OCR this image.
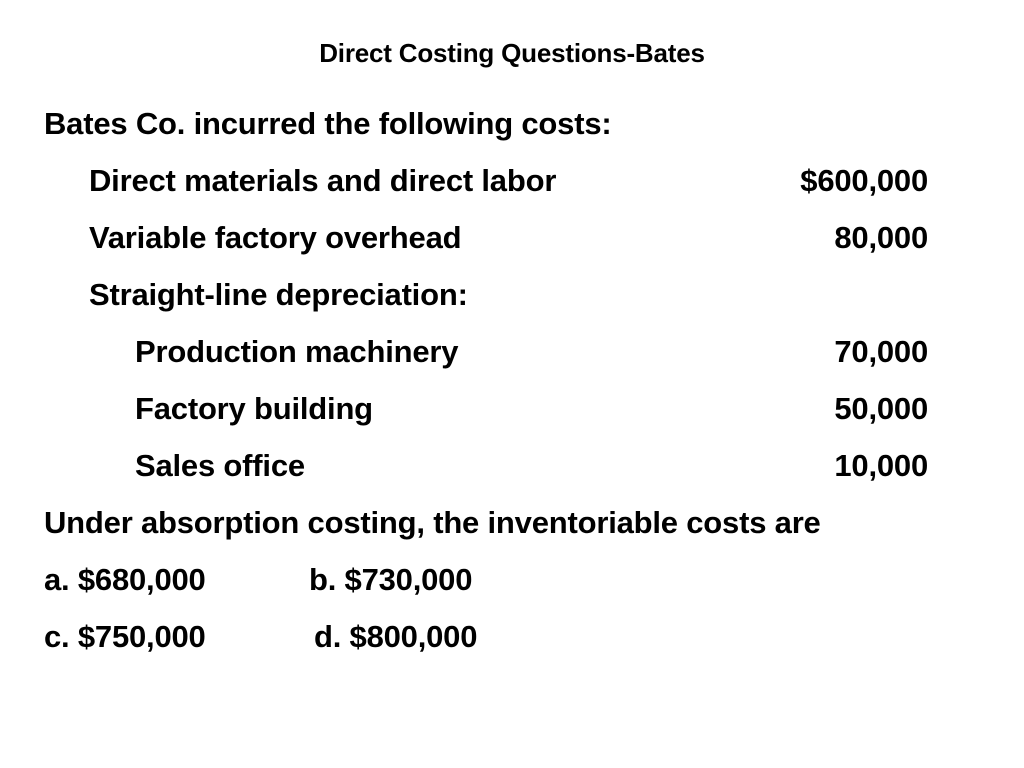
Direct Costing Questions-Bates
Bates Co. incurred the following costs:
Direct materials and direct labor	$600,000
Variable factory overhead	80,000
Straight-line depreciation:
Production machinery	70,000
Factory building	50,000
Sales office	10,000
Under absorption costing, the inventoriable costs are
a. $680,000	b. $730,000
c. $750,000	d. $800,000
